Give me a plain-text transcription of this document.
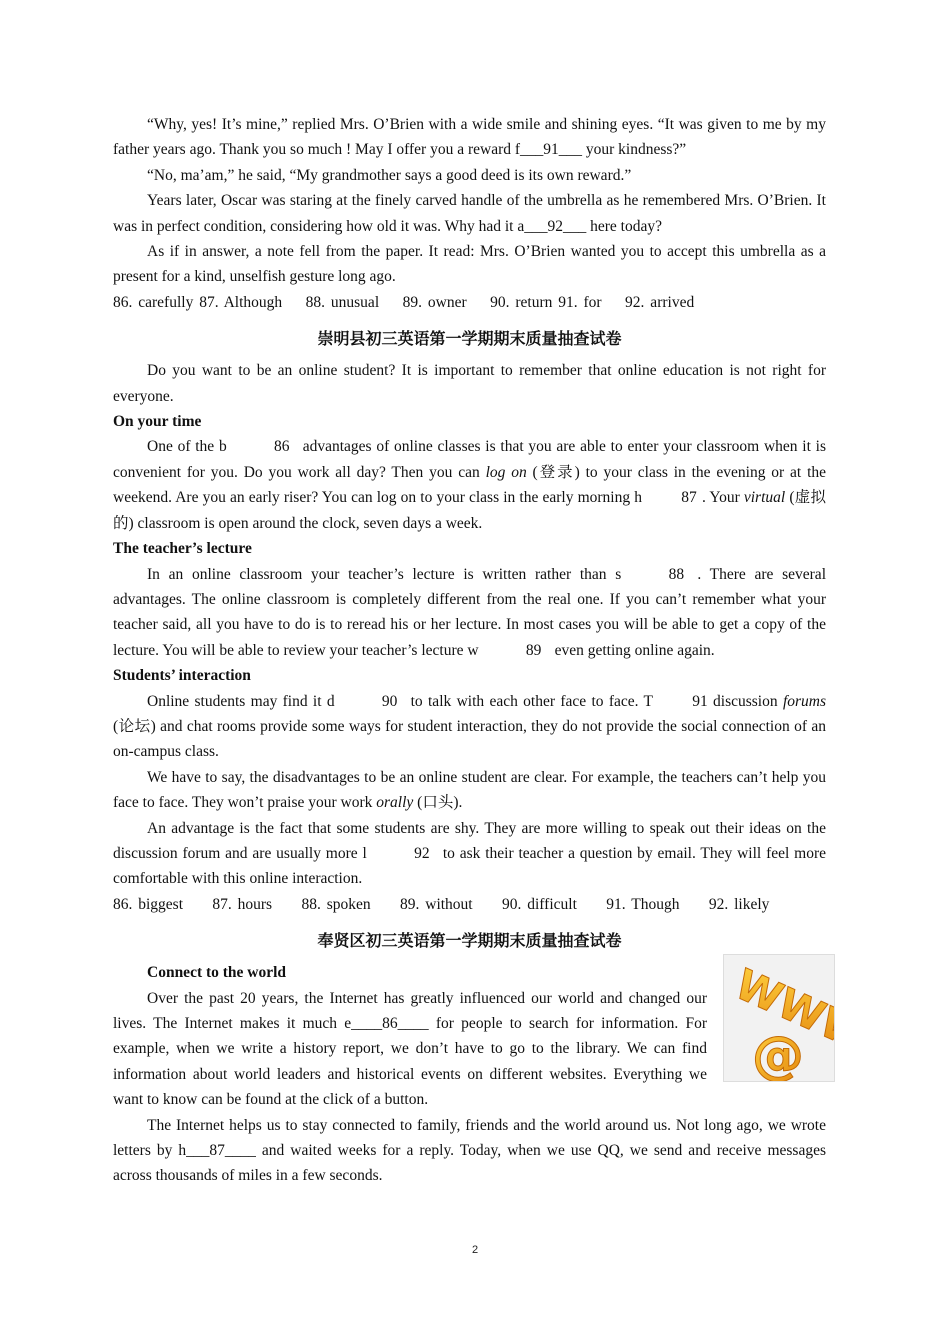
“Why, yes! It’s mine,” replied Mrs. O’Brien with a wide smile and shining eyes. “It was given to me by my father years ago. Thank you so much ! May I offer you a reward f___91___ your kindness?”

“No, ma’am,” he said, “My grandmother says a good deed is its own reward.”

Years later, Oscar was staring at the finely carved handle of the umbrella as he remembered Mrs. O’Brien. It was in perfect condition, considering how old it was. Why had it a___92___ here today?

As if in answer, a note fell from the paper. It read: Mrs. O’Brien wanted you to accept this umbrella as a present for a kind, unselfish gesture long ago.

86. carefully 87. Although    88. unusual    89. owner    90. return 91. for    92. arrived

崇明县初三英语第一学期期末质量抽查试卷

Do you want to be an online student? It is important to remember that online education is not right for everyone.

On your time

One of the b	86 advantages of online classes is that you are able to enter your classroom when it is convenient for you. Do you work all day? Then you can log on (登录) to your class in the evening or at the weekend. Are you an early riser? You can log on to your class in the early morning h	87 . Your virtual (虚拟的) classroom is open around the clock, seven days a week.

The teacher’s lecture

In an online classroom your teacher’s lecture is written rather than s	88 . There are several advantages. The online classroom is completely different from the real one. If you can’t remember what your teacher said, all you have to do is to reread his or her lecture. In most cases you will be able to get a copy of the lecture. You will be able to review your teacher’s lecture w	89 even getting online again.

Students’ interaction

Online students may find it d	90 to talk with each other face to face. T	91 discussion forums (论坛) and chat rooms provide some ways for student interaction, they do not provide the social connection of an on-campus class.

We have to say, the disadvantages to be an online student are clear. For example, the teachers can’t help you face to face. They won’t praise your work orally (口头).

An advantage is the fact that some students are shy. They are more willing to speak out their ideas on the discussion forum and are usually more l	92 to ask their teacher a question by email. They will feel more comfortable with this online interaction.

86. biggest     87. hours     88. spoken     89. without     90. difficult     91. Though     92. likely

奉贤区初三英语第一学期期末质量抽查试卷

Connect to the world

Over the past 20 years, the Internet has greatly influenced our world and changed our lives. The Internet makes it much e____86____ for people to search for information. For example, when we write a history report, we don’t have to go to the library. We can find information about world leaders and historical events on different websites. Everything we want to know can be found at the click of a button.

The Internet helps us to stay connected to family, friends and the world around us. Not long ago, we wrote letters by h___87____ and waited weeks for a reply. Today, when we use QQ, we send and receive messages across thousands of miles in a few seconds.

WWW
@
2
